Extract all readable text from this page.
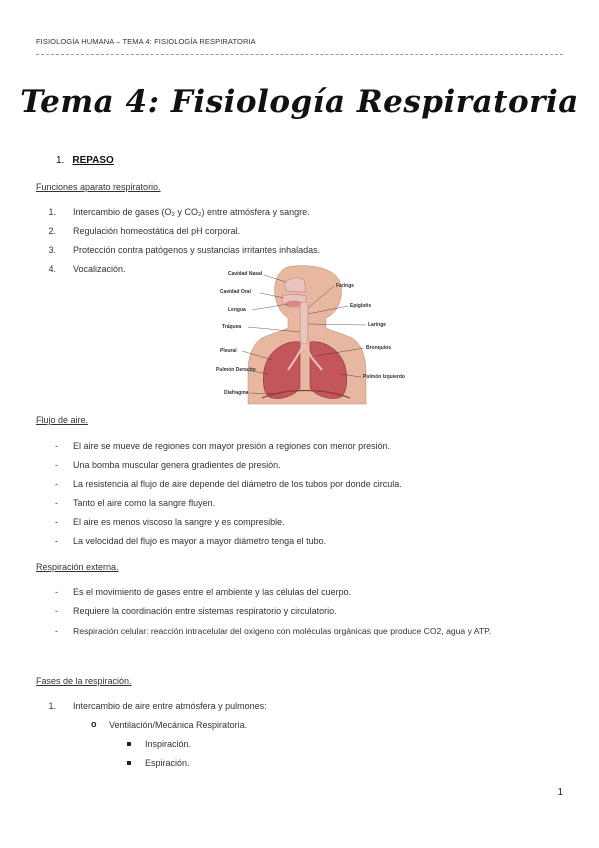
FISIOLOGÍA HUMANA – TEMA 4: FISIOLOGÍA RESPIRATORIA
Tema 4: Fisiología Respiratoria
1. REPASO
Funciones aparato respiratorio.
1. Intercambio de gases (O₂ y CO₂) entre atmósfera y sangre.
2. Regulación homeostática del pH corporal.
3. Protección contra patógenos y sustancias irritantes inhaladas.
4. Vocalización.	Cavidad Nasal
Cavidad Oral
Lengua
Tráquea
Pleural
Pulmón Derecho
Diafragma
Faringe
Epiglotis
Laringe
Bronquios
Pulmón Izquierdo
Flujo de aire.
- El aire se mueve de regiones con mayor presión a regiones con menor presión.
- Una bomba muscular genera gradientes de presión.
- La resistencia al flujo de aire depende del diámetro de los tubos por donde circula.
- Tanto el aire como la sangre fluyen.
- El aire es menos viscoso la sangre y es compresible.
- La velocidad del flujo es mayor a mayor diámetro tenga el tubo.
Respiración externa.
- Es el movimiento de gases entre el ambiente y las células del cuerpo.
- Requiere la coordinación entre sistemas respiratorio y circulatorio.
- Respiración celular: reacción intracelular del oxigeno con moléculas orgánicas que produce CO2, agua y ATP.
Fases de la respiración.
1. Intercambio de aire entre atmósfera y pulmones:
o Ventilación/Mecánica Respiratoria.
Inspiración.
Espiración.
1
